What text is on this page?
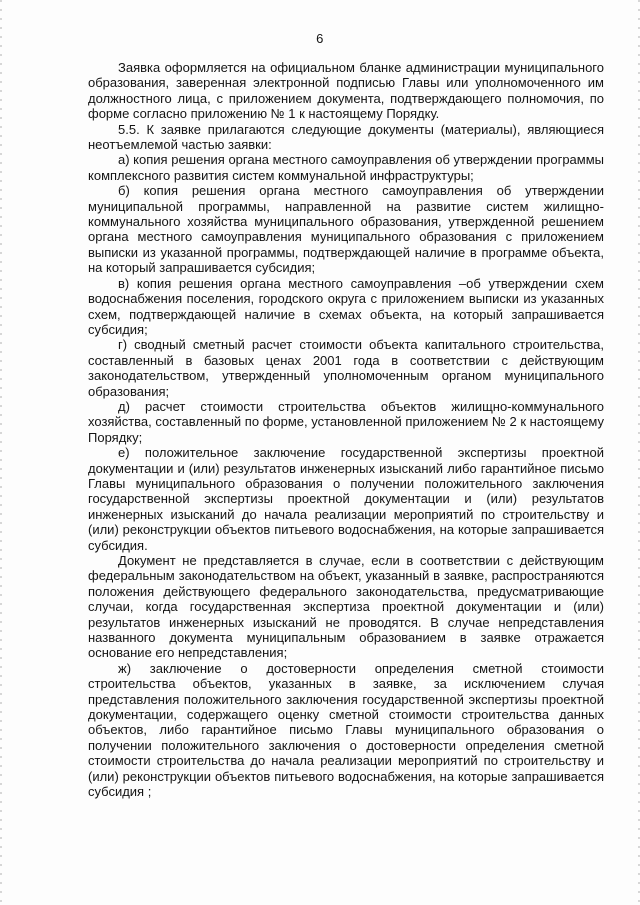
6

Заявка оформляется на официальном бланке администрации муниципального образования, заверенная электронной подписью Главы или уполномоченного им должностного лица, с приложением документа, подтверждающего полномочия, по форме согласно приложению № 1 к настоящему Порядку.

5.5. К заявке прилагаются следующие документы (материалы), являющиеся неотъемлемой частью заявки:

а) копия решения органа местного самоуправления об утверждении программы комплексного развития систем коммунальной инфраструктуры;

б) копия решения органа местного самоуправления об утверждении муниципальной программы, направленной на развитие систем жилищно-коммунального хозяйства муниципального образования, утвержденной решением органа местного самоуправления муниципального образования с приложением выписки из указанной программы, подтверждающей наличие в программе объекта, на который запрашивается субсидия;

в) копия решения органа местного самоуправления –об утверждении схем водоснабжения поселения, городского округа с приложением выписки из указанных схем, подтверждающей наличие в схемах объекта, на который запрашивается субсидия;

г) сводный сметный расчет стоимости объекта капитального строительства, составленный в базовых ценах 2001 года в соответствии с действующим законодательством, утвержденный уполномоченным органом муниципального образования;

д) расчет стоимости строительства объектов жилищно-коммунального хозяйства, составленный по форме, установленной приложением № 2 к настоящему Порядку;

е) положительное заключение государственной экспертизы проектной документации и (или) результатов инженерных изысканий либо гарантийное письмо Главы муниципального образования о получении положительного заключения государственной экспертизы проектной документации и (или) результатов инженерных изысканий до начала реализации мероприятий по строительству и (или) реконструкции объектов питьевого водоснабжения, на которые запрашивается субсидия.

Документ не представляется в случае, если в соответствии с действующим федеральным законодательством на объект, указанный в заявке, распространяются положения действующего федерального законодательства, предусматривающие случаи, когда государственная экспертиза проектной документации и (или) результатов инженерных изысканий не проводятся. В случае непредставления названного документа муниципальным образованием в заявке отражается основание его непредставления;

ж) заключение о достоверности определения сметной стоимости строительства объектов, указанных в заявке, за исключением случая представления положительного заключения государственной экспертизы проектной документации, содержащего оценку сметной стоимости строительства данных объектов, либо гарантийное письмо Главы муниципального образования о получении положительного заключения о достоверности определения сметной стоимости строительства до начала реализации мероприятий по строительству и (или) реконструкции объектов питьевого водоснабжения, на которые запрашивается субсидия ;
